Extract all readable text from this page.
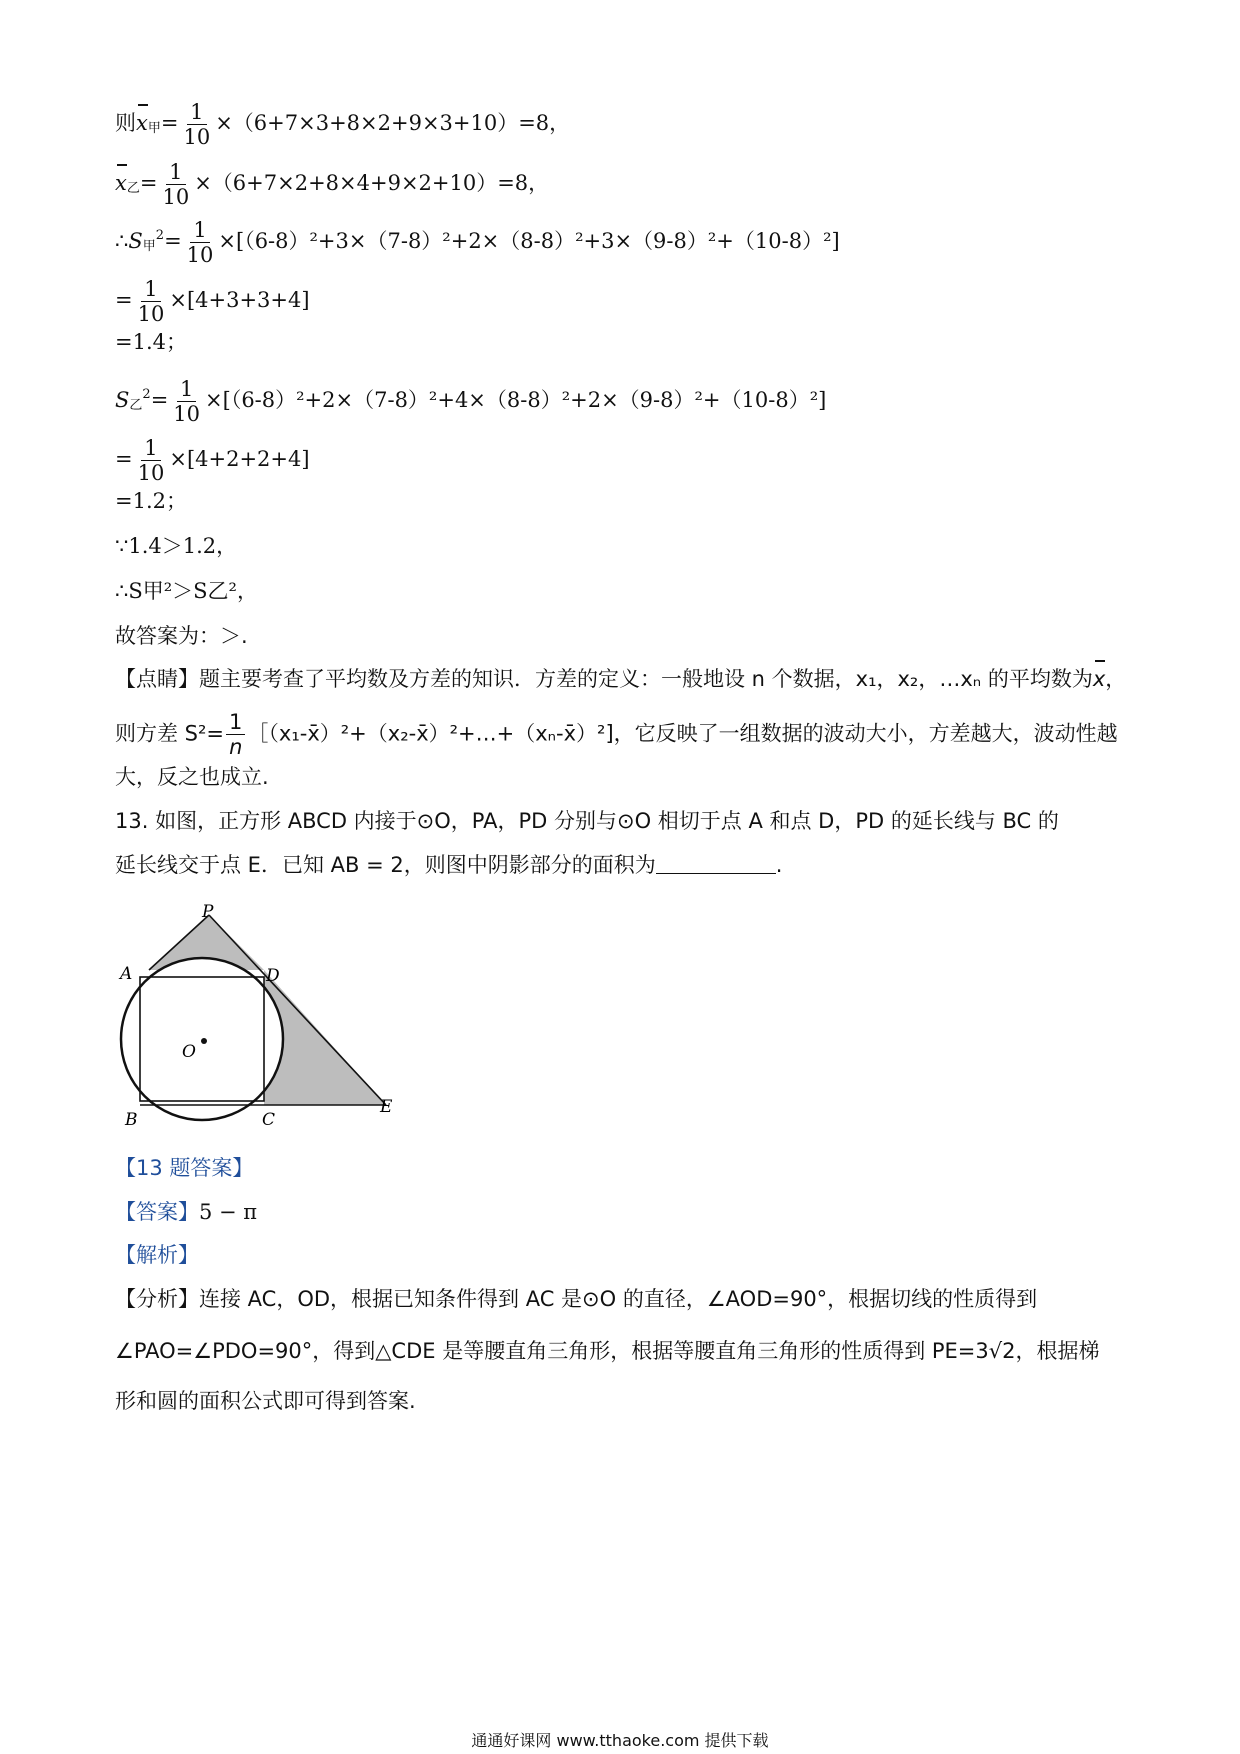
则x甲= $\frac{1}{10} \times(6+7\times 3+8\times 2+9\times 3+10)=8$，
x乙= $\frac{1}{10} \times(6+7\times 2+8\times 4+9\times 2+10)=8$，
∴S甲$^2= \frac{1}{10} \times[(6-8)^2+3\times(7-8)^2+2\times(8-8)^2+3\times(9-8)^2+(10-8)^2]$
= $\frac{1}{10} \times[4+3+3+4]$
=1.4；
S乙$^2= \frac{1}{10} \times[(6-8)^2+2\times(7-8)^2+4\times(8-8)^2+2\times(9-8)^2+(10-8)^2]$
= $\frac{1}{10} \times[4+2+2+4]$
=1.2；
∵1.4＞1.2，
∴S甲²＞S乙²，
故答案为：＞.
【点睛】题主要考查了平均数及方差的知识．方差的定义：一般地设 n 个数据，x₁，x₂，…xₙ 的平均数为x，
则方差 $S^2= \frac{1}{n}$ ［（x₁-x̄）²+（x₂-x̄）²+…+（xₙ-x̄）²]，它反映了一组数据的波动大小，方差越大，波动性越
大，反之也成立.
13. 如图，正方形 ABCD 内接于⊙O，PA，PD 分别与⊙O 相切于点 A 和点 D，PD 的延长线与 BC 的
延长线交于点 E．已知 AB = 2，则图中阴影部分的面积为	.
P
A	D
O
B	C
E
【13 题答案】
【答案】5 − π
【解析】
【分析】连接 AC，OD，根据已知条件得到 AC 是⊙O 的直径，∠AOD=90°，根据切线的性质得到
∠PAO=∠PDO=90°，得到△CDE 是等腰直角三角形，根据等腰直角三角形的性质得到 PE=3√2，根据梯
形和圆的面积公式即可得到答案.
通通好课网 www.tthaoke.com 提供下载
